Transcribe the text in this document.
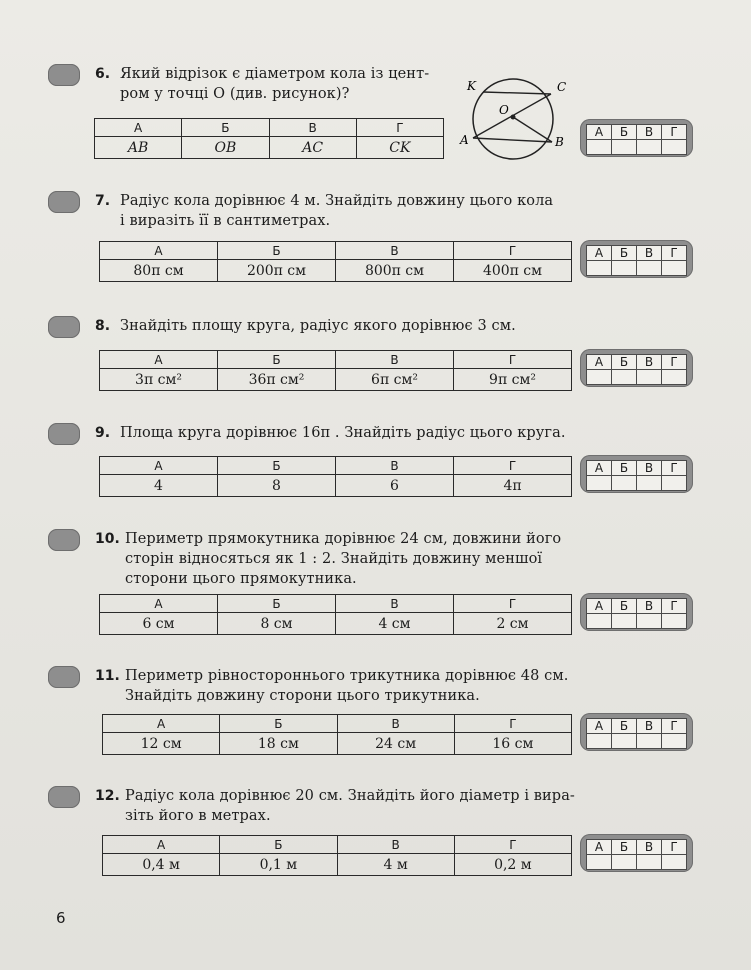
6. Який відрізок є діаметром кола із цент-
ром у точці O (див. рисунок)?
А	Б	В	Г
AB	OB	AC	CK
K	C
O
A	B
А	Б	В	Г

7. Радіус кола дорівнює 4 м. Знайдіть довжину цього кола
і виразіть її в сантиметрах.
А	Б	В	Г
80π см	200π см	800π см	400π см
А	Б	В	Г

8. Знайдіть площу круга, радіус якого дорівнює 3 см.
А	Б	В	Г
3π см²	36π см²	6π см²	9π см²
А	Б	В	Г

9. Площа круга дорівнює 16π . Знайдіть радіус цього круга.
А	Б	В	Г
4	8	6	4π
А	Б	В	Г

10. Периметр прямокутника дорівнює 24 см, довжини його
сторін відносяться як 1 : 2. Знайдіть довжину меншої
сторони цього прямокутника.
А	Б	В	Г
6 см	8 см	4 см	2 см
А	Б	В	Г

11. Периметр рівностороннього трикутника дорівнює 48 см.
Знайдіть довжину сторони цього трикутника.
А	Б	В	Г
12 см	18 см	24 см	16 см
А	Б	В	Г

12. Радіус кола дорівнює 20 см. Знайдіть його діаметр і вира-
зіть його в метрах.
А	Б	В	Г
0,4 м	0,1 м	4 м	0,2 м
А	Б	В	Г

6
